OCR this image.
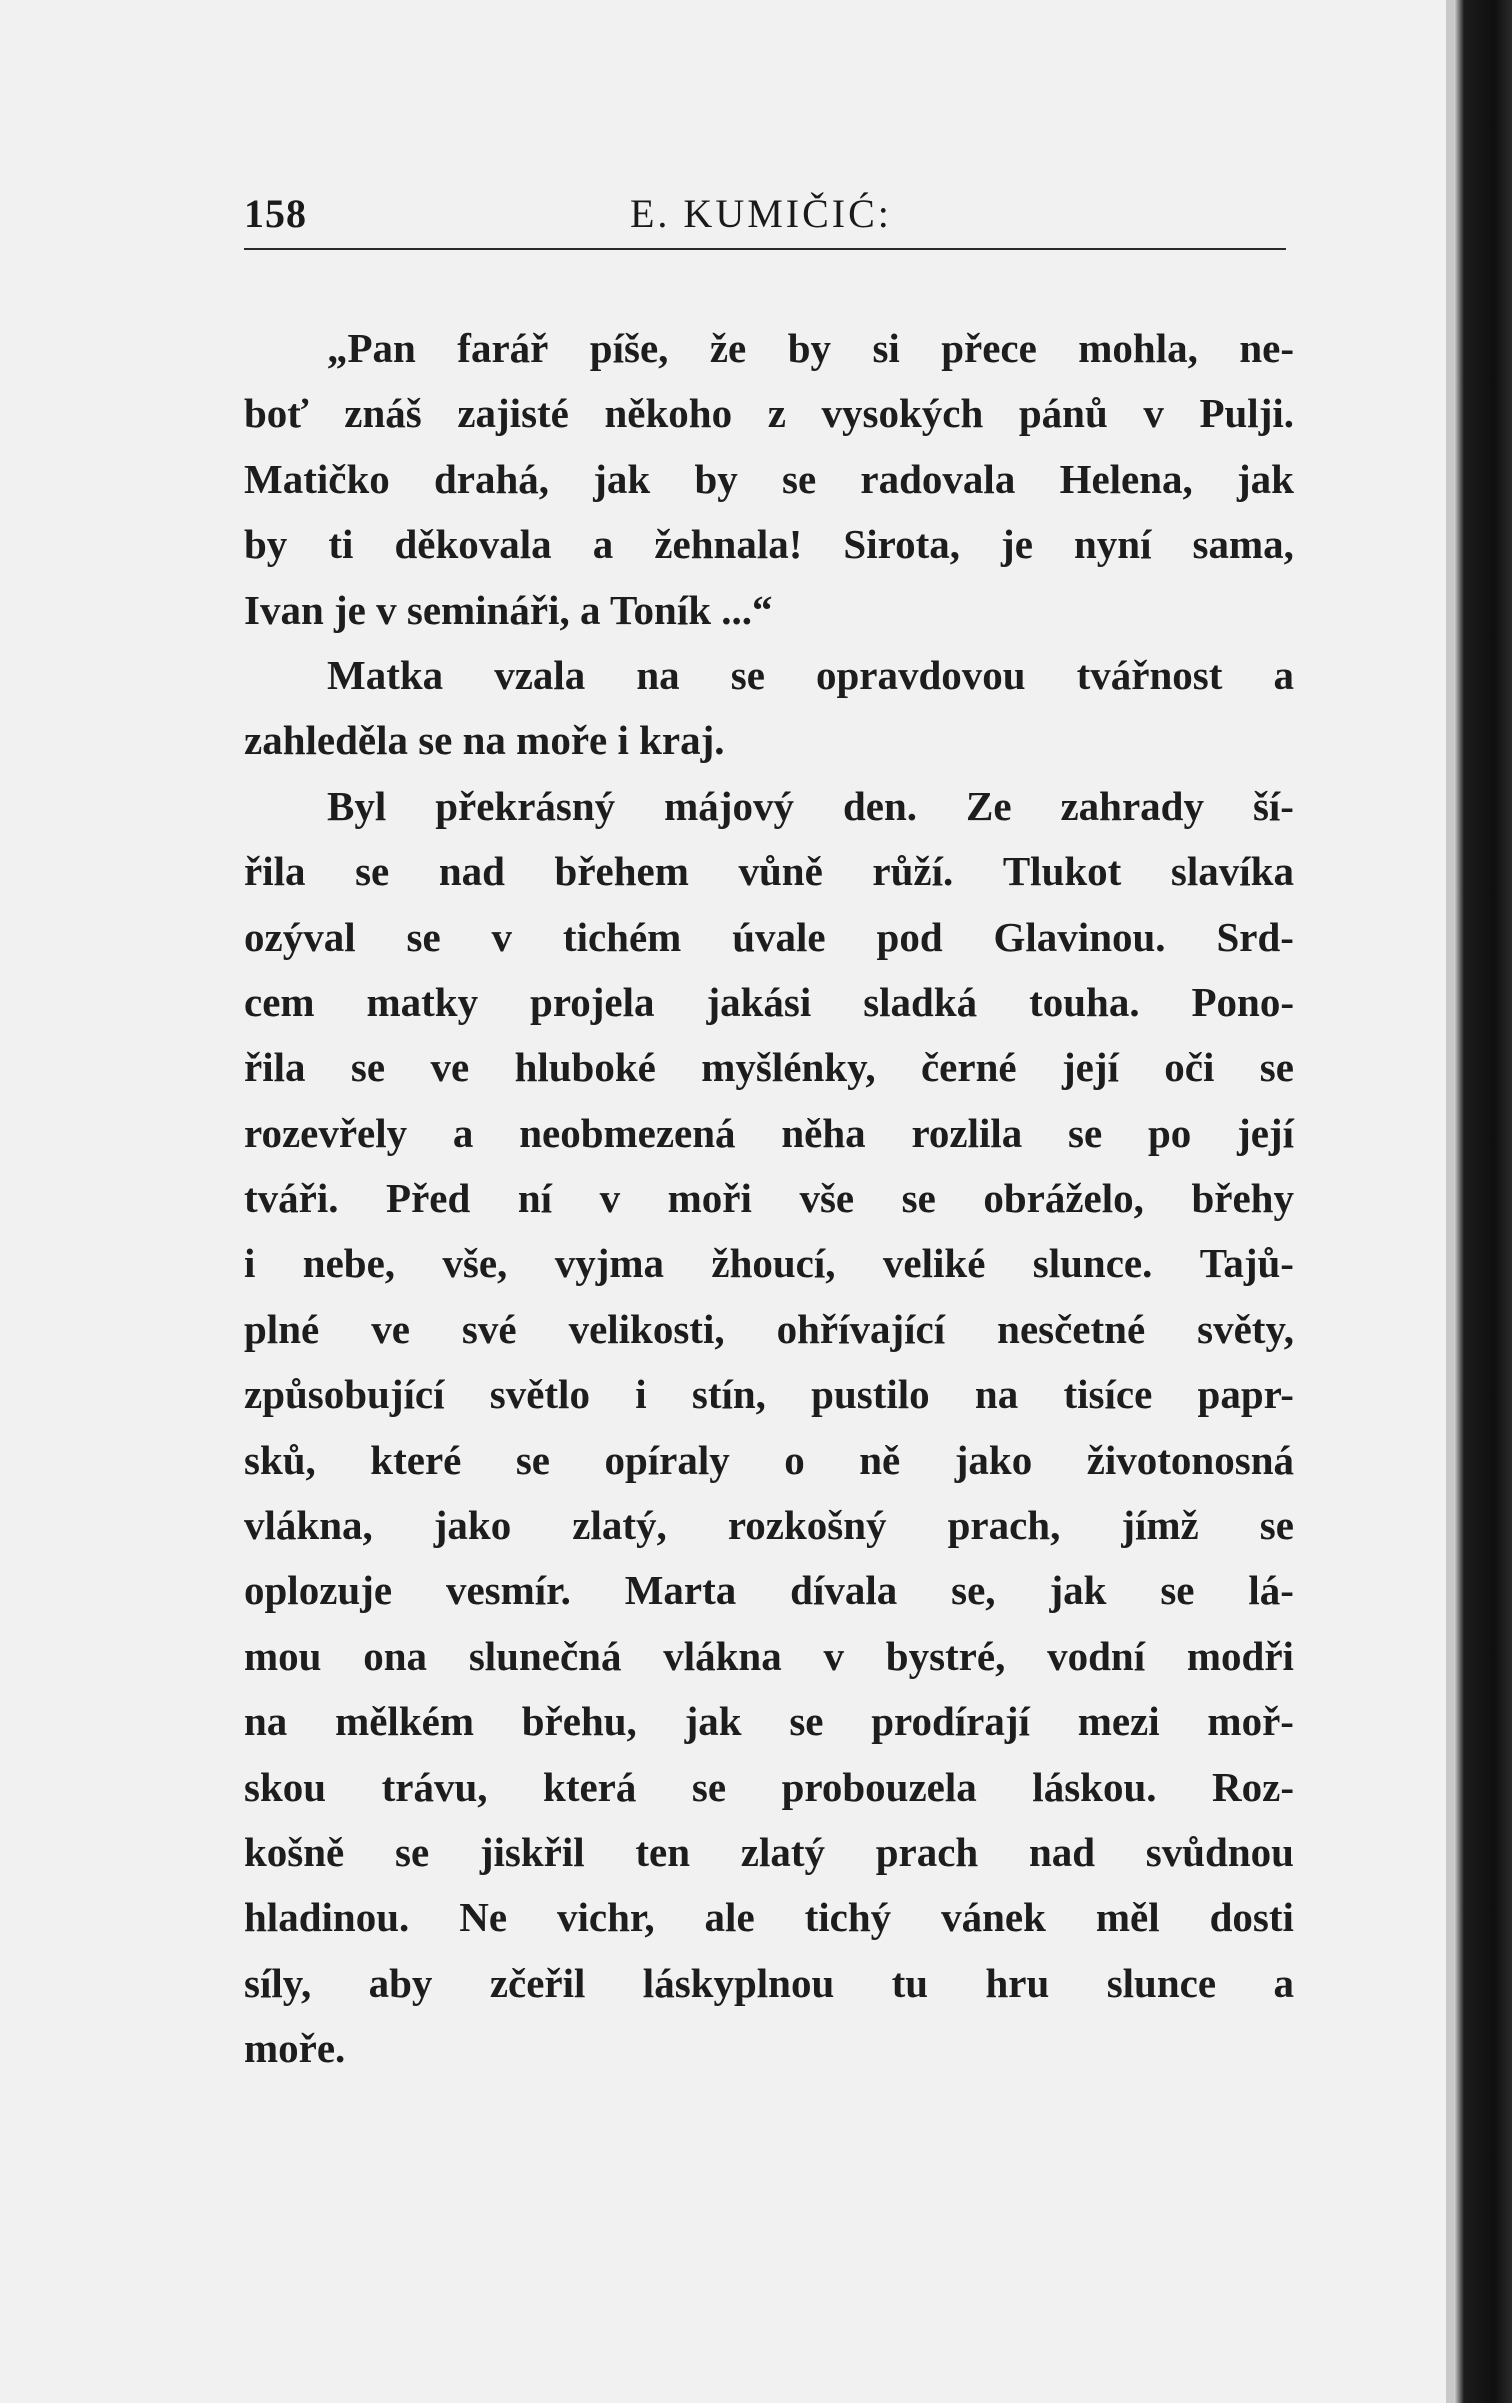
158	E. KUMIČIĆ:
„Pan farář píše, že by si přece mohla, ne-
boť znáš zajisté někoho z vysokých pánů v Pulji.
Matičko drahá, jak by se radovala Helena, jak
by ti děkovala a žehnala! Sirota, je nyní sama,
Ivan je v semináři, a Toník ...“
Matka vzala na se opravdovou tvářnost a
zahleděla se na moře i kraj.
Byl překrásný májový den. Ze zahrady ší-
řila se nad břehem vůně růží. Tlukot slavíka
ozýval se v tichém úvale pod Glavinou. Srd-
cem matky projela jakási sladká touha. Pono-
řila se ve hluboké myšlénky, černé její oči se
rozevřely a neobmezená něha rozlila se po její
tváři. Před ní v moři vše se obráželo, břehy
i nebe, vše, vyjma žhoucí, veliké slunce. Tajů-
plné ve své velikosti, ohřívající nesčetné světy,
způsobující světlo i stín, pustilo na tisíce papr-
sků, které se opíraly o ně jako životonosná
vlákna, jako zlatý, rozkošný prach, jímž se
oplozuje vesmír. Marta dívala se, jak se lá-
mou ona slunečná vlákna v bystré, vodní modři
na mělkém břehu, jak se prodírají mezi moř-
skou trávu, která se probouzela láskou. Roz-
košně se jiskřil ten zlatý prach nad svůdnou
hladinou. Ne vichr, ale tichý vánek měl dosti
síly, aby zčeřil láskyplnou tu hru slunce a
moře.
